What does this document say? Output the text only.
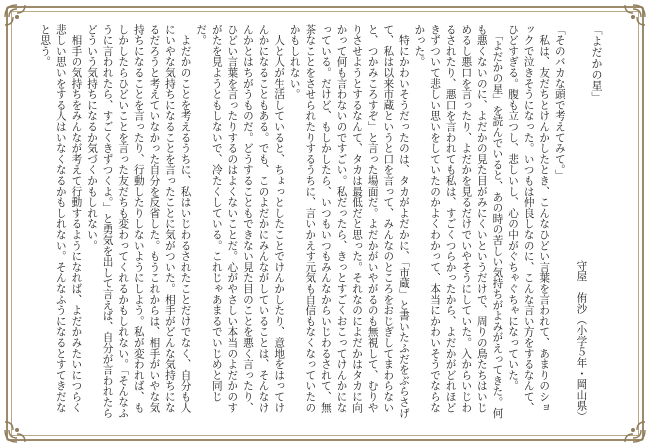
「よだかの星」

守屋　侑沙（小学５年・岡山県）

「そのバカな頭で考えてみて。」

　私は、友だちとけんかしたとき、こんなひどい言葉を言われて、あまりのショックで泣きそうになった。いつもは仲良しなのに、こんな言い方をするなんて、ひどすぎる。腹も立つし、悲しいし、心の中がぐちゃぐちゃになっていた。

　「よだかの星」を読んでいると、あの時の苦しい気持ちがよみがえってきた。何も悪くないのに、よだかの見た目がみにくいというだけで、周りの鳥たちはいじめるし悪口を言ったり、よだかを見るだけでいやそうにしていた。入からいじわるされたり、悪口を言われても私は、すごくつらかったから、よだかがどれほどきずついて悲しい思いをしていたのかよくわかって、本当にかわいそうでならなかった。

　特にかわいそうだったのは、タカがよだかに、「市蔵」と書いたふだをぶらさげて、私は以来市蔵というと口を言って、みんなのところをおじぎしてまわらないと、つかみころすぞ」と言った場面だ。よだかがいやがるのも無視して、むりやりさせようとするなんて、タカは最低だと思った。それなのによだかはタカに向かって何も言わないのですごい。私だったら、きっとすごくおこってけんかになっている。だけど、もしかしたら、いつもいつもみんなからいじわるされて、無茶なことをさせられたりするうちに、言いかえす元気も自信もなくなっていたのかもしれない。

　人と人が生活していると、ちょっとしたことでけんかしたり、意地をはってけんかになることもある。でも、このよだかにみんながしていることは、そんなけんかとはちがうものだ。どうすることもできない見た目のことを悪く言ったり、ひどい言葉を言ったりするのはよくないことだ。心がやさしい本当のよだかのすがたを見ようともしないで、冷たくしている。これじゃあまるでいじめと同じだ。

　よだかのことを考えるうちに、私はいじわるされたことだけでなく、自分も人にいやな気持ちになることを言ったことに気がついた。相手がどんな気持ちになるだろうと考えていなかった自分を反省した。もうこれからは、相手がいやな気持ちになることを言ったり、行動したりしないようにしよう。私が変われば、もしかしたらひどいことを言った友だちも変わってくれるかもしれない。「そんなふうに言われたら、すごくきずつくよ。」と勇気を出して言えば、自分が言われたらどういう気持ちになるか気づくかもしれない。

　相手の気持ちをみんなが考えて行動するようになれば、よだかみたいにつらく悲しい思いをする人はいなくなるかもしれない。そんなふうになるとすてきだなと思う。
